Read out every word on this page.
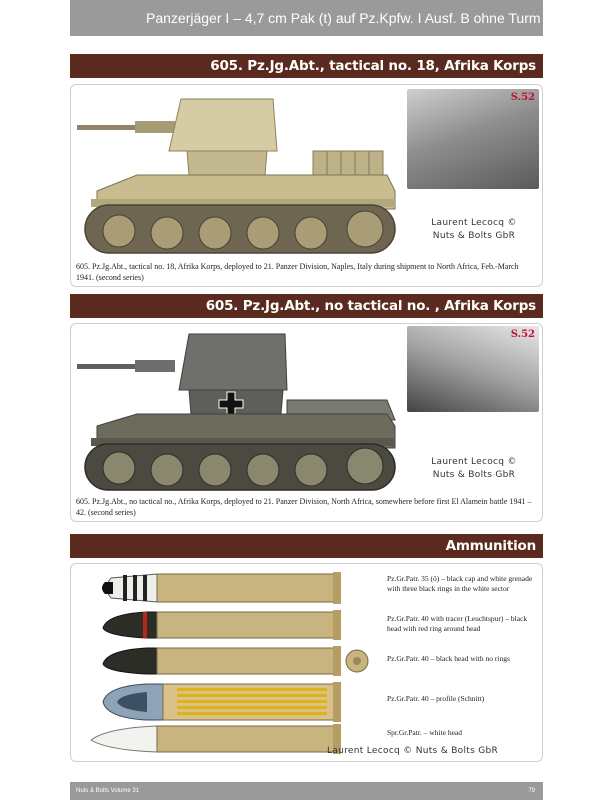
Panzerjäger I – 4,7 cm Pak (t) auf Pz.Kpfw. I Ausf. B ohne Turm
605. Pz.Jg.Abt., tactical no. 18, Afrika Korps
S.52
Laurent Lecocq ©
Nuts & Bolts GbR
605. Pz.Jg.Abt., tactical no. 18, Afrika Korps, deployed to 21. Panzer Division, Naples, Italy during shipment to North Africa, Feb.-March 1941. (second series)
605. Pz.Jg.Abt., no tactical no. , Afrika Korps
S.52
Laurent Lecocq ©
Nuts & Bolts GbR
605. Pz.Jg.Abt., no tactical no., Afrika Korps, deployed to 21. Panzer Division, North Africa, somewhere before first El Alamein battle 1941 – 42. (second series)
Ammunition
Pz.Gr.Patr. 35 (ö) – black cap and white grenade with three black rings in the white sector
Pz.Gr.Patr. 40 with tracer (Leuchtspur) – black head with red ring around head
Pz.Gr.Patr. 40 – black head with no rings
Pz.Gr.Patr. 40 – profile (Schnitt)
Spr.Gr.Patr. – white head
Laurent Lecocq © Nuts & Bolts GbR
Nuts & Bolts Volume 31	79
